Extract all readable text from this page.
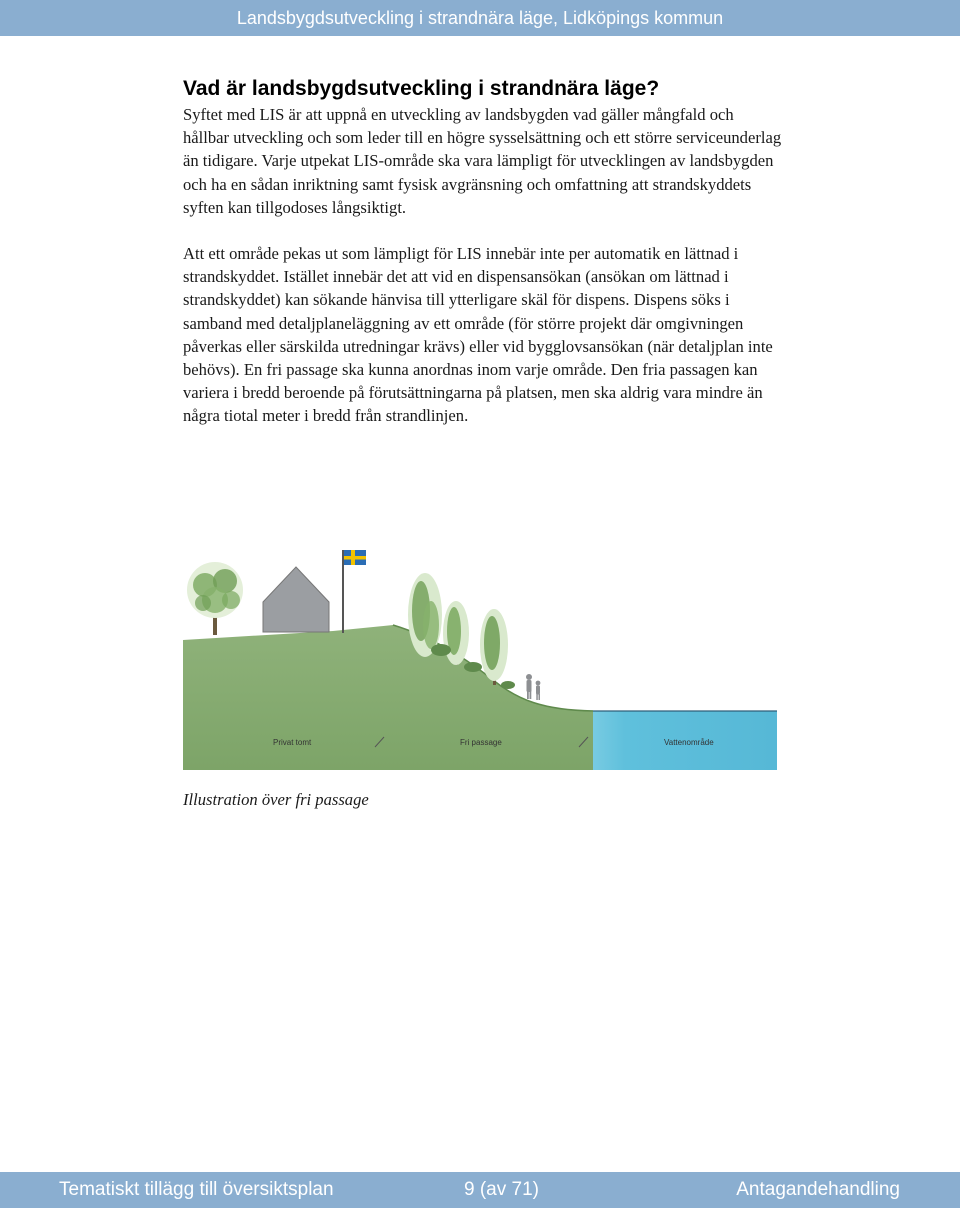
Landsbygdsutveckling i strandnära läge, Lidköpings kommun
Vad är landsbygdsutveckling i strandnära läge?

Syftet med LIS är att uppnå en utveckling av landsbygden vad gäller mångfald och hållbar utveckling och som leder till en högre sysselsättning och ett större serviceunderlag än tidigare. Varje utpekat LIS-område ska vara lämpligt för utvecklingen av landsbygden och ha en sådan inriktning samt fysisk avgränsning och omfattning att strandskyddets syften kan tillgodoses långsiktigt.

Att ett område pekas ut som lämpligt för LIS innebär inte per automatik en lättnad i strandskyddet. Istället innebär det att vid en dispensansökan (ansökan om lättnad i strandskyddet) kan sökande hänvisa till ytterligare skäl för dispens. Dispens söks i samband med detaljplaneläggning av ett område (för större projekt där omgivningen påverkas eller särskilda utredningar krävs) eller vid bygglovsansökan (när detaljplan inte behövs). En fri passage ska kunna anordnas inom varje område. Den fria passagen kan variera i bredd beroende på förutsättningarna på platsen, men ska aldrig vara mindre än några tiotal meter i bredd från strandlinjen.

Privat tomt	Fri passage	Vattenområde
Illustration över fri passage
Tematiskt tillägg till översiktsplan	9 (av 71)	Antagandehandling
